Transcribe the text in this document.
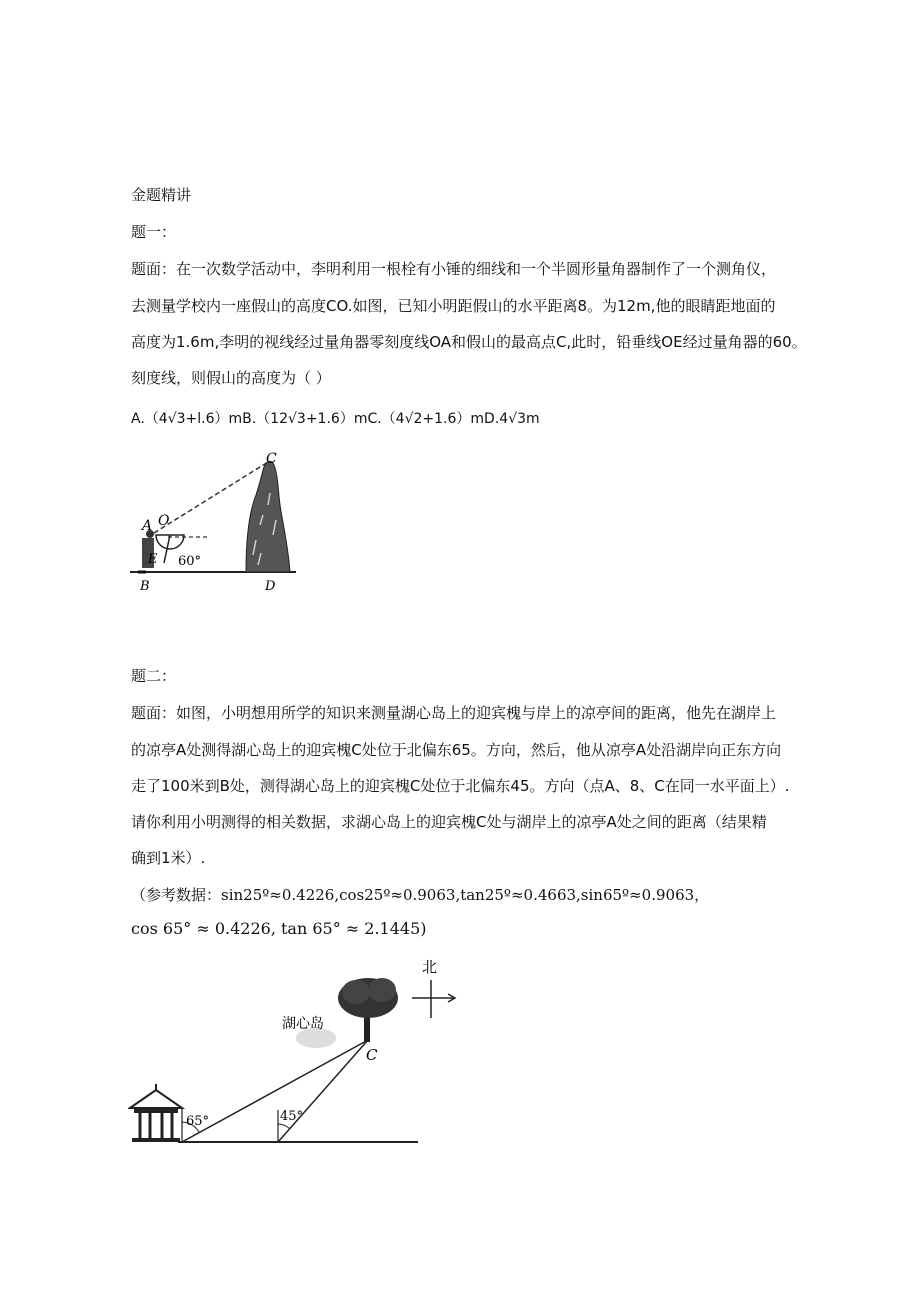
金题精讲
题一：
题面：在一次数学活动中，李明利用一根栓有小锤的细线和一个半圆形量角器制作了一个测角仪，
去测量学校内一座假山的高度CO.如图，已知小明距假山的水平距离8。为12m,他的眼睛距地面的
高度为1.6m,李明的视线经过量角器零刻度线OA和假山的最高点C,此时，铅垂线OE经过量角器的60。
刻度线，则假山的高度为（ ）
A.（4√3+l.6）mB.（12√3+1.6）mC.（4√2+1.6）mD.4√3m
A O
E 60°
B
C
D
题二：
题面：如图，小明想用所学的知识来测量湖心岛上的迎宾槐与岸上的凉亭间的距离，他先在湖岸上
的凉亭A处测得湖心岛上的迎宾槐C处位于北偏东65。方向，然后，他从凉亭A处沿湖岸向正东方向
走了100米到B处，测得湖心岛上的迎宾槐C处位于北偏东45。方向（点A、8、C在同一水平面上）.
请你利用小明测得的相关数据，求湖心岛上的迎宾槐C处与湖岸上的凉亭A处之间的距离（结果精
确到1米）.
（参考数据：sin25º≈0.4226,cos25º≈0.9063,tan25º≈0.4663,sin65º≈0.9063，
cos 65° ≈ 0.4226, tan 65° ≈ 2.1445)
北
湖心岛
C
65°	45°
